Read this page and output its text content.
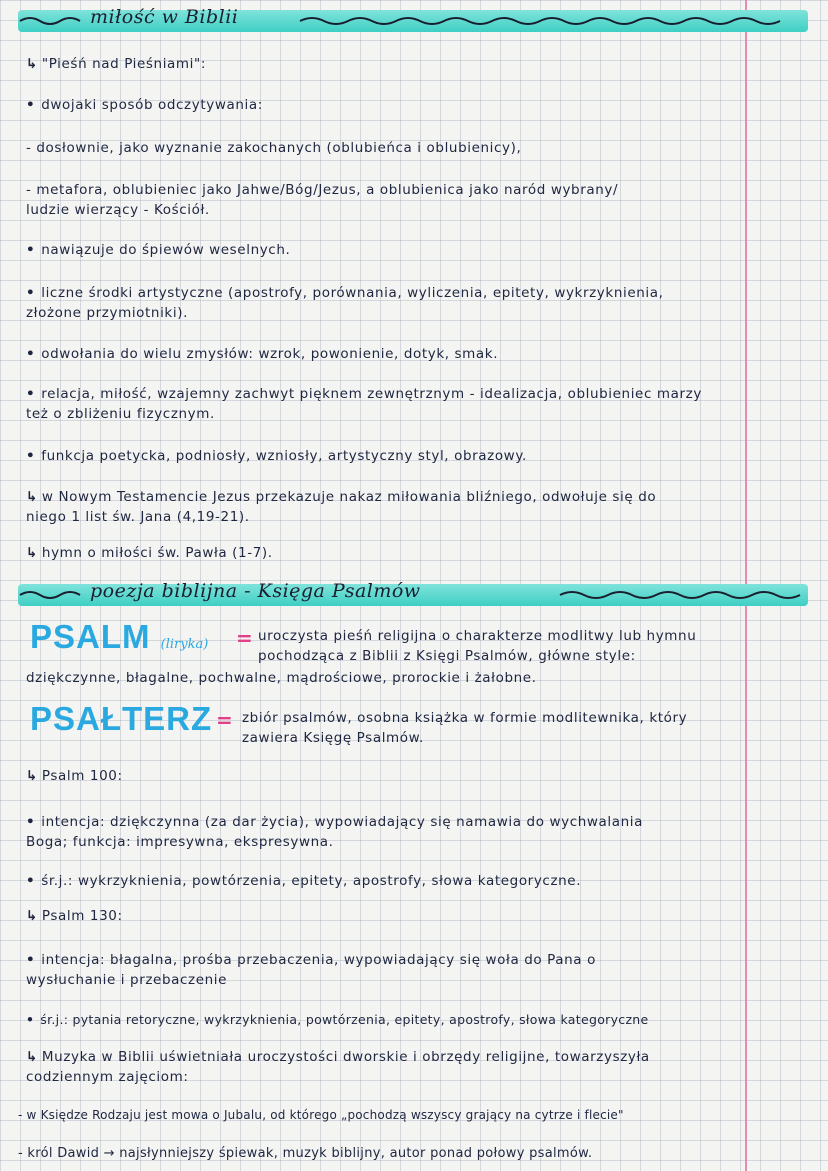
miłość w Biblii
↳ "Pieśń nad Pieśniami":
• dwojaki sposób odczytywania:
- dosłownie, jako wyznanie zakochanych (oblubieńca i oblubienicy),
- metafora, oblubieniec jako Jahwe/Bóg/Jezus, a oblubienica jako naród wybrany/
ludzie wierzący - Kościół.
• nawiązuje do śpiewów weselnych.
• liczne środki artystyczne (apostrofy, porównania, wyliczenia, epitety, wykrzyknienia,
złożone przymiotniki).
• odwołania do wielu zmysłów: wzrok, powonienie, dotyk, smak.
• relacja, miłość, wzajemny zachwyt pięknem zewnętrznym - idealizacja, oblubieniec marzy
też o zbliżeniu fizycznym.
• funkcja poetycka, podniosły, wzniosły, artystyczny styl, obrazowy.
↳ w Nowym Testamencie Jezus przekazuje nakaz miłowania bliźniego, odwołuje się do
niego 1 list św. Jana (4,19-21).
↳ hymn o miłości św. Pawła (1-7).
poezja biblijna - Księga Psalmów
PSALM (liryka) = uroczysta pieśń religijna o charakterze modlitwy lub hymnu
pochodząca z Biblii z Księgi Psalmów, główne style:
dziękczynne, błagalne, pochwalne, mądrościowe, prorockie i żałobne.
PSAŁTERZ = zbiór psalmów, osobna książka w formie modlitewnika, który
zawiera Księgę Psalmów.
↳ Psalm 100:
• intencja: dziękczynna (za dar życia), wypowiadający się namawia do wychwalania
Boga; funkcja: impresywna, ekspresywna.
• śr.j.: wykrzyknienia, powtórzenia, epitety, apostrofy, słowa kategoryczne.
↳ Psalm 130:
• intencja: błagalna, prośba przebaczenia, wypowiadający się woła do Pana o
wysłuchanie i przebaczenie
• śr.j.: pytania retoryczne, wykrzyknienia, powtórzenia, epitety, apostrofy, słowa kategoryczne
↳ Muzyka w Biblii uświetniała uroczystości dworskie i obrzędy religijne, towarzyszyła
codziennym zajęciom:
- w Księdze Rodzaju jest mowa o Jubalu, od którego „pochodzą wszyscy grający na cytrze i flecie"
- król Dawid → najsłynniejszy śpiewak, muzyk biblijny, autor ponad połowy psalmów.
